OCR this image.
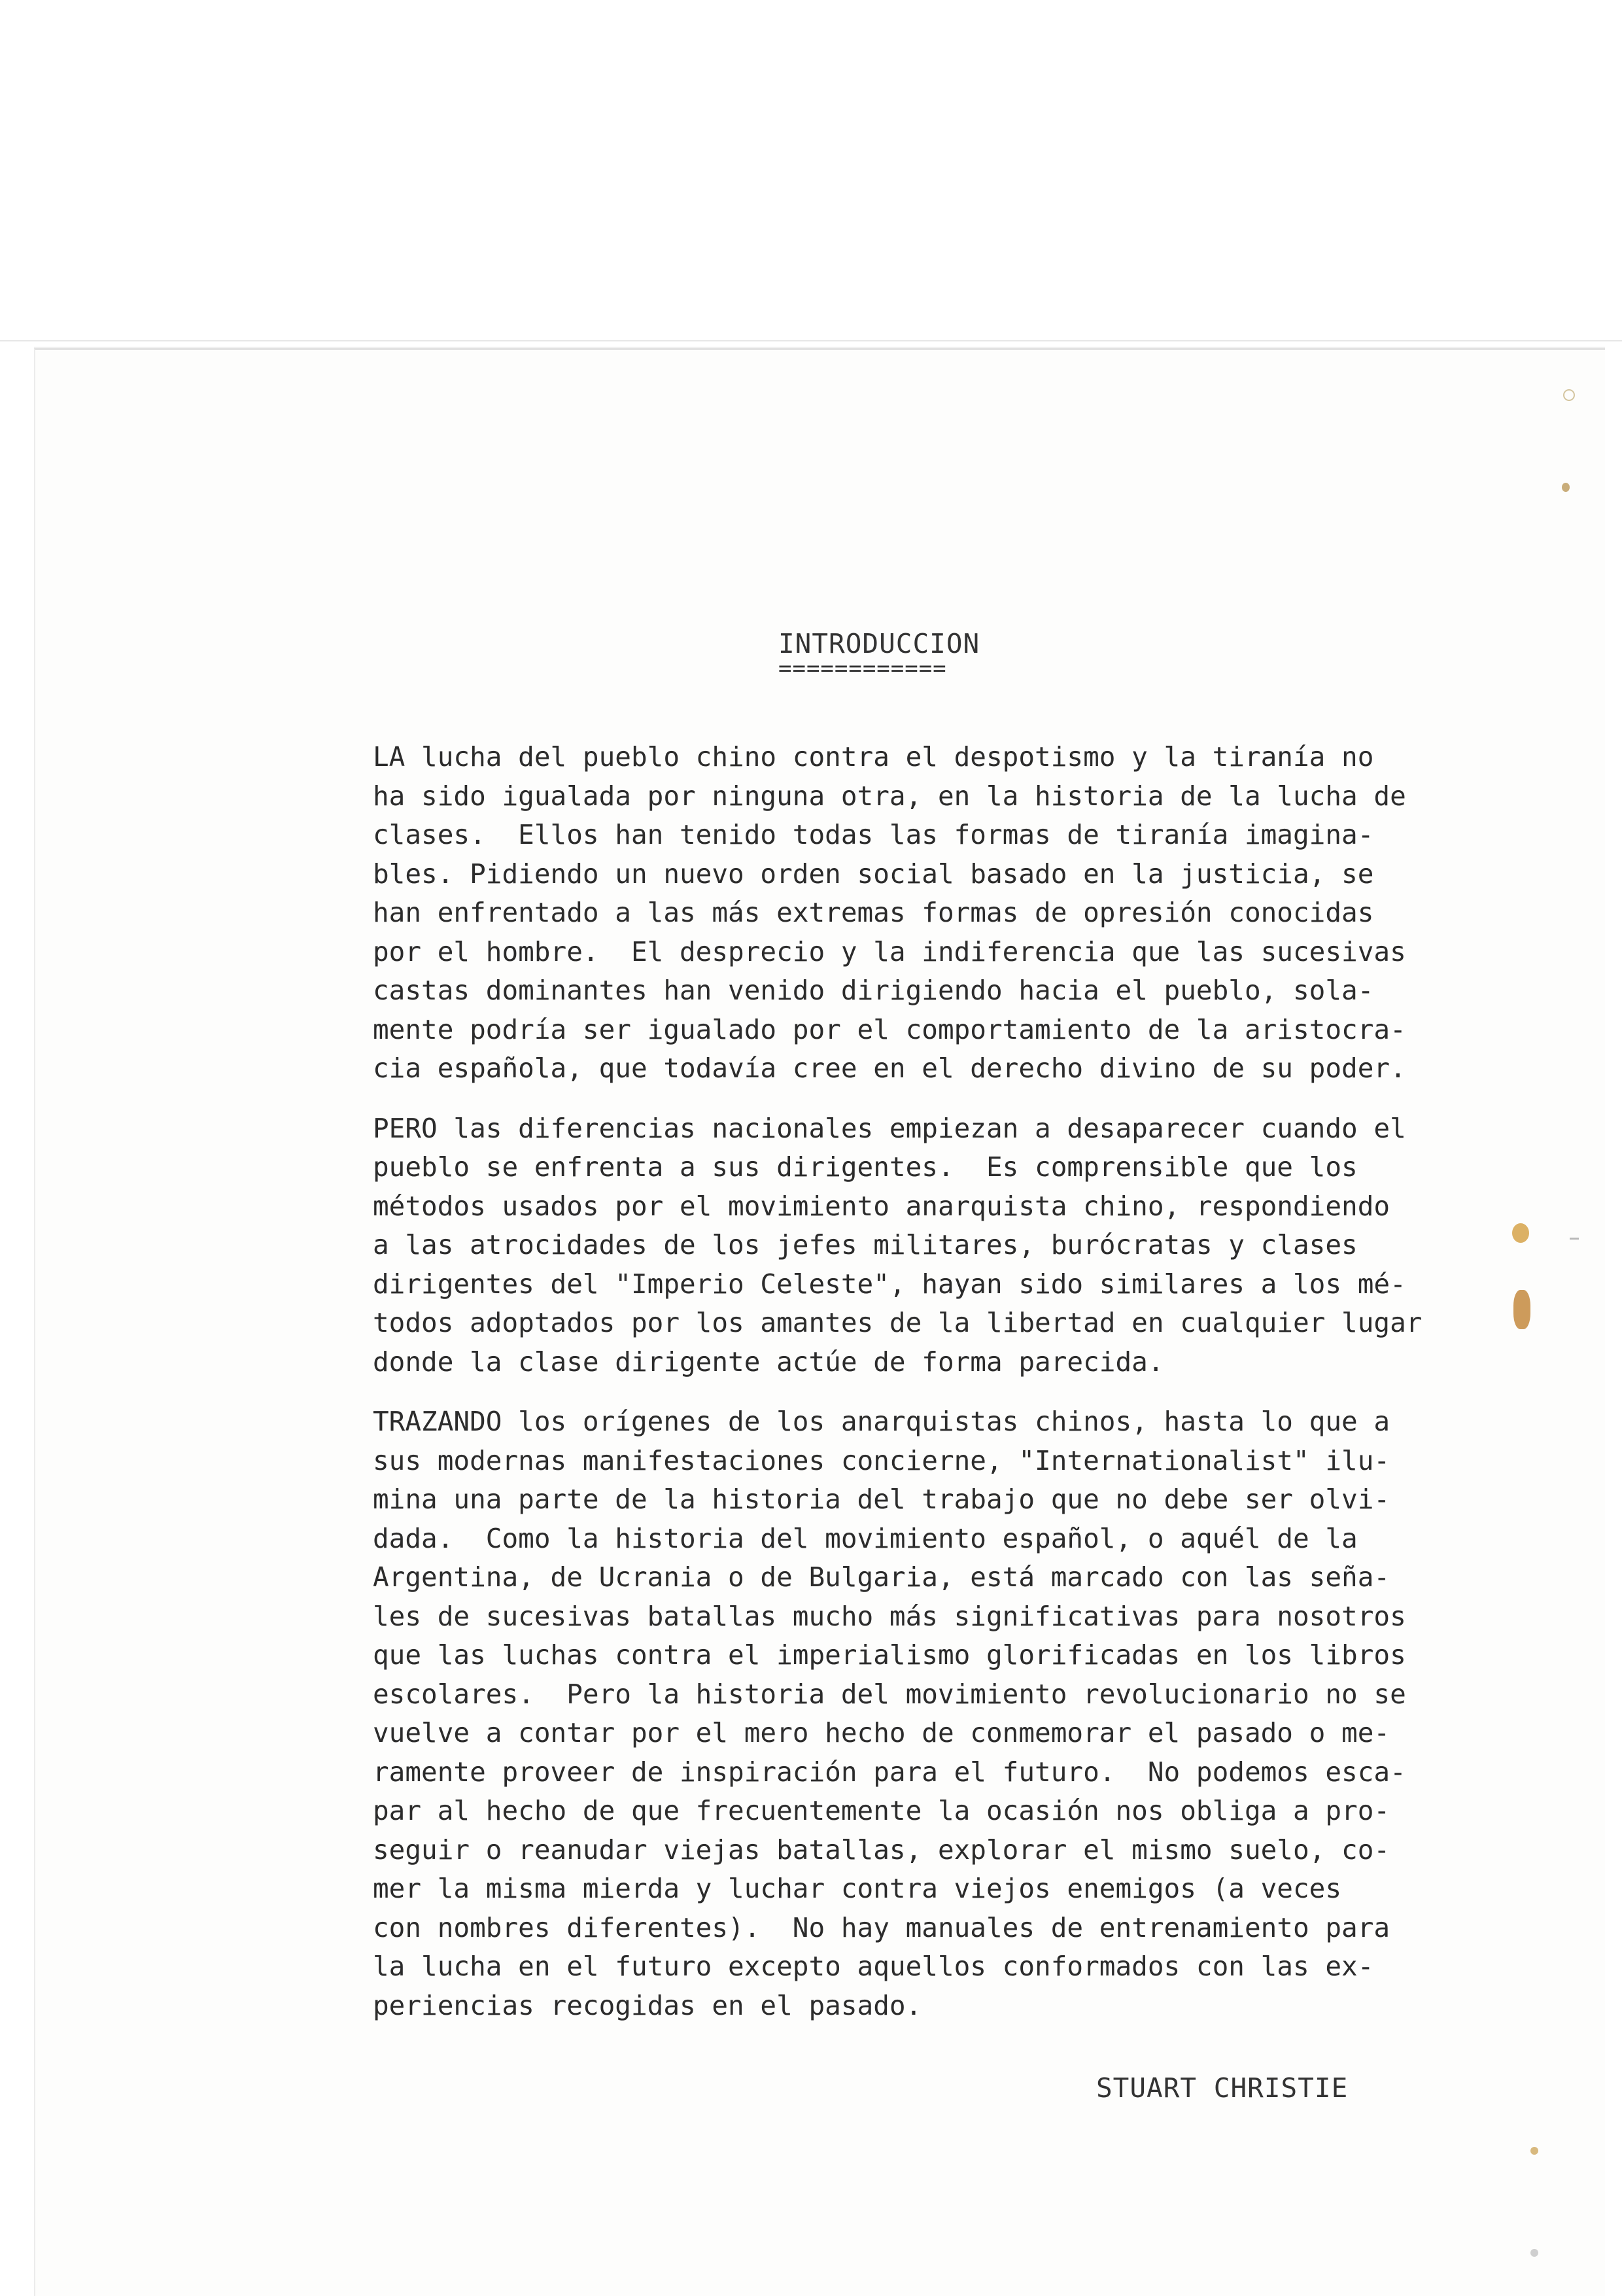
INTRODUCCION
============
LA lucha del pueblo chino contra el despotismo y la tiranía no
ha sido igualada por ninguna otra, en la historia de la lucha de
clases.  Ellos han tenido todas las formas de tiranía imagina-
bles. Pidiendo un nuevo orden social basado en la justicia, se
han enfrentado a las más extremas formas de opresión conocidas
por el hombre.  El desprecio y la indiferencia que las sucesivas
castas dominantes han venido dirigiendo hacia el pueblo, sola-
mente podría ser igualado por el comportamiento de la aristocra-
cia española, que todavía cree en el derecho divino de su poder.
PERO las diferencias nacionales empiezan a desaparecer cuando el
pueblo se enfrenta a sus dirigentes.  Es comprensible que los
métodos usados por el movimiento anarquista chino, respondiendo
a las atrocidades de los jefes militares, burócratas y clases
dirigentes del "Imperio Celeste", hayan sido similares a los mé-
todos adoptados por los amantes de la libertad en cualquier lugar
donde la clase dirigente actúe de forma parecida.
TRAZANDO los orígenes de los anarquistas chinos, hasta lo que a
sus modernas manifestaciones concierne, "Internationalist" ilu-
mina una parte de la historia del trabajo que no debe ser olvi-
dada.  Como la historia del movimiento español, o aquél de la
Argentina, de Ucrania o de Bulgaria, está marcado con las seña-
les de sucesivas batallas mucho más significativas para nosotros
que las luchas contra el imperialismo glorificadas en los libros
escolares.  Pero la historia del movimiento revolucionario no se
vuelve a contar por el mero hecho de conmemorar el pasado o me-
ramente proveer de inspiración para el futuro.  No podemos esca-
par al hecho de que frecuentemente la ocasión nos obliga a pro-
seguir o reanudar viejas batallas, explorar el mismo suelo, co-
mer la misma mierda y luchar contra viejos enemigos (a veces
con nombres diferentes).  No hay manuales de entrenamiento para
la lucha en el futuro excepto aquellos conformados con las ex-
periencias recogidas en el pasado.
STUART CHRISTIE
